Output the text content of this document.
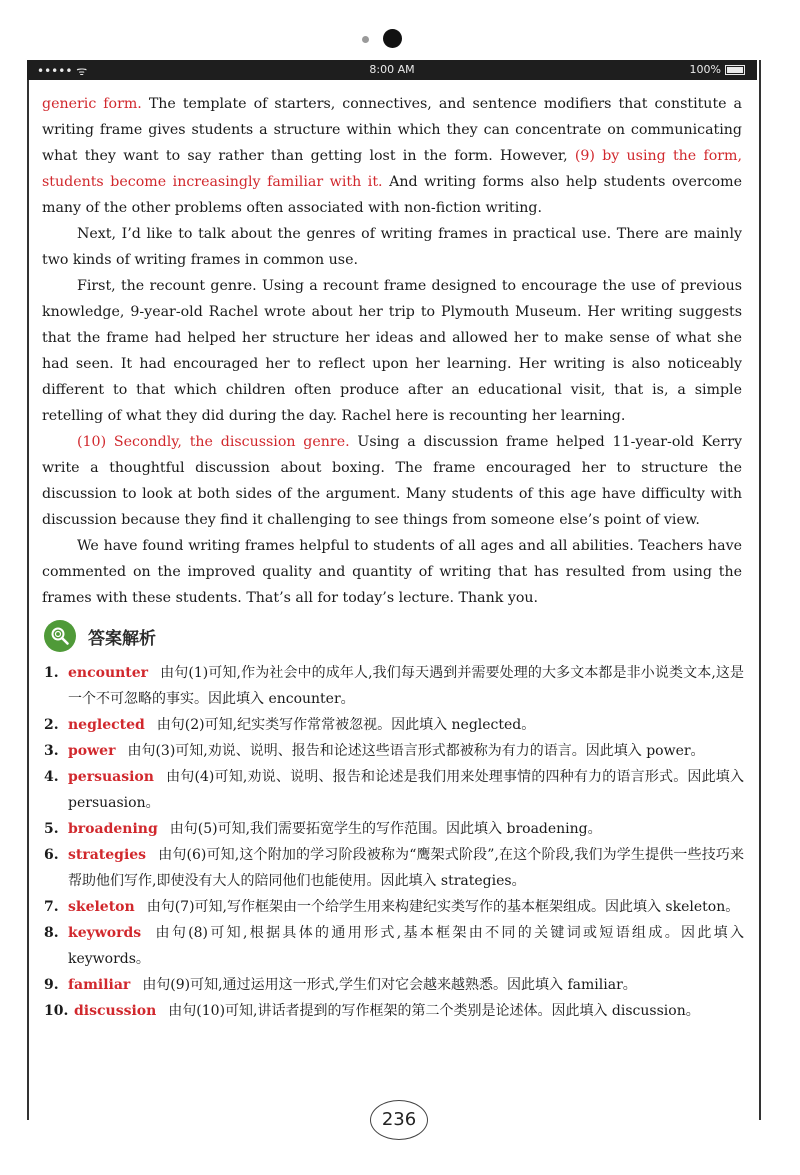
••••• ᯤ	8:00 AM	100%

generic form. The template of starters, connectives, and sentence modifiers that constitute a writing frame gives students a structure within which they can concentrate on communicating what they want to say rather than getting lost in the form. However, (9) by using the form, students become increasingly familiar with it. And writing forms also help students overcome many of the other problems often associated with non-fiction writing.

Next, I’d like to talk about the genres of writing frames in practical use. There are mainly two kinds of writing frames in common use.

First, the recount genre. Using a recount frame designed to encourage the use of previous knowledge, 9-year-old Rachel wrote about her trip to Plymouth Museum. Her writing suggests that the frame had helped her structure her ideas and allowed her to make sense of what she had seen. It had encouraged her to reflect upon her learning. Her writing is also noticeably different to that which children often produce after an educational visit, that is, a simple retelling of what they did during the day. Rachel here is recounting her learning.

(10) Secondly, the discussion genre. Using a discussion frame helped 11-year-old Kerry write a thoughtful discussion about boxing. The frame encouraged her to structure the discussion to look at both sides of the argument. Many students of this age have difficulty with discussion because they find it challenging to see things from someone else’s point of view.

We have found writing frames helpful to students of all ages and all abilities. Teachers have commented on the improved quality and quantity of writing that has resulted from using the frames with these students. That’s all for today’s lecture. Thank you.

答案解析
1. encounter 由句(1)可知,作为社会中的成年人,我们每天遇到并需要处理的大多文本都是非小说类文本,这是一个不可忽略的事实。因此填入 encounter。
2. neglected 由句(2)可知,纪实类写作常常被忽视。因此填入 neglected。
3. power 由句(3)可知,劝说、说明、报告和论述这些语言形式都被称为有力的语言。因此填入 power。
4. persuasion 由句(4)可知,劝说、说明、报告和论述是我们用来处理事情的四种有力的语言形式。因此填入 persuasion。
5. broadening 由句(5)可知,我们需要拓宽学生的写作范围。因此填入 broadening。
6. strategies 由句(6)可知,这个附加的学习阶段被称为“鹰架式阶段”,在这个阶段,我们为学生提供一些技巧来帮助他们写作,即使没有大人的陪同他们也能使用。因此填入 strategies。
7. skeleton 由句(7)可知,写作框架由一个给学生用来构建纪实类写作的基本框架组成。因此填入 skeleton。
8. keywords 由句(8)可知,根据具体的通用形式,基本框架由不同的关键词或短语组成。因此填入 keywords。
9. familiar 由句(9)可知,通过运用这一形式,学生们对它会越来越熟悉。因此填入 familiar。
10. discussion 由句(10)可知,讲话者提到的写作框架的第二个类别是论述体。因此填入 discussion。
236
